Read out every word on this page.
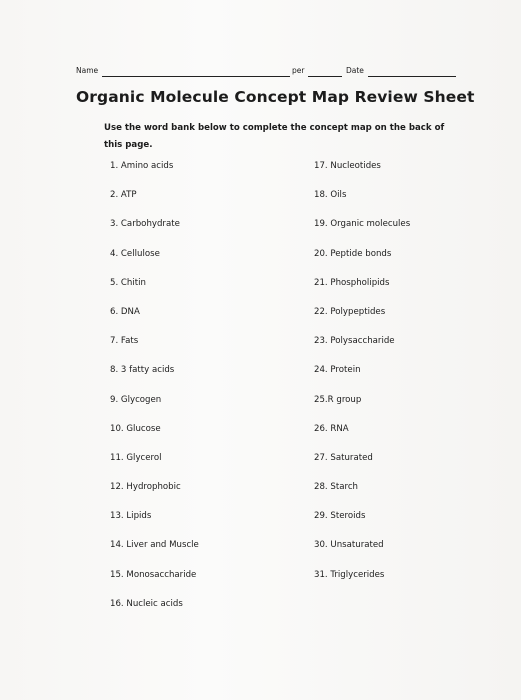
Name	per	Date
Organic Molecule Concept Map Review Sheet
Use the word bank below to complete the concept map on the back of this page.
1. Amino acids
2. ATP
3. Carbohydrate
4. Cellulose
5. Chitin
6. DNA
7. Fats
8. 3 fatty acids
9. Glycogen
10. Glucose
11. Glycerol
12. Hydrophobic
13. Lipids
14. Liver and Muscle
15. Monosaccharide
16. Nucleic acids
17. Nucleotides
18. Oils
19. Organic molecules
20. Peptide bonds
21. Phospholipids
22. Polypeptides
23. Polysaccharide
24. Protein
25.R group
26. RNA
27. Saturated
28. Starch
29. Steroids
30. Unsaturated
31. Triglycerides
